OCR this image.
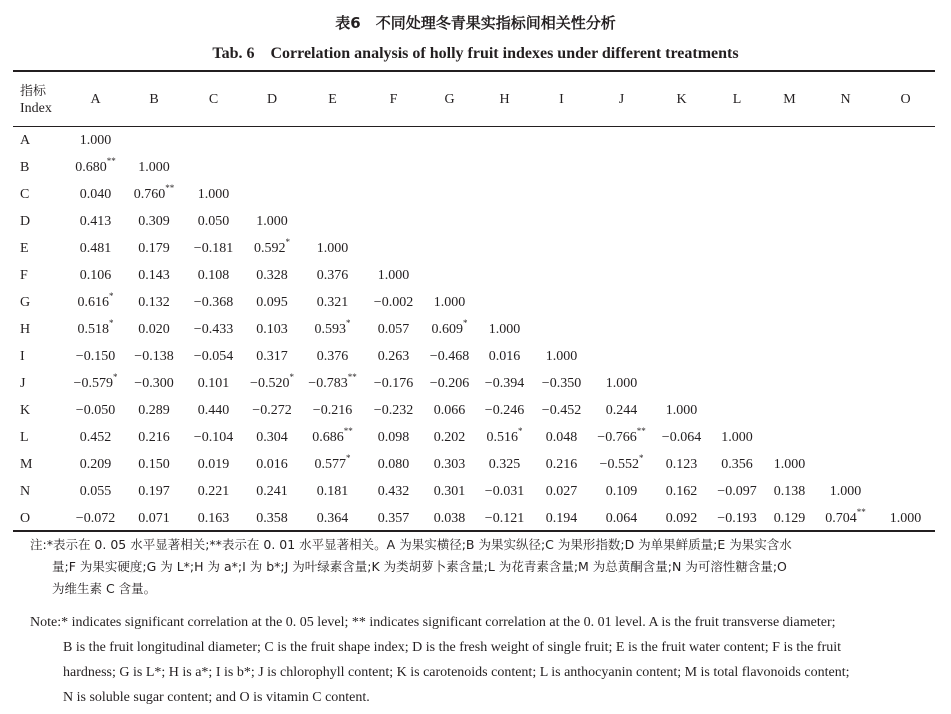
表6　不同处理冬青果实指标间相关性分析
Tab. 6　Correlation analysis of holly fruit indexes under different treatments
指标
Index	A	B	C	D	E	F	G	H	I	J	K	L	M	N	O
A	1.000														
B	0.680**	1.000													
C	0.040	0.760**	1.000												
D	0.413	0.309	0.050	1.000											
E	0.481	0.179	−0.181	0.592*	1.000										
F	0.106	0.143	0.108	0.328	0.376	1.000									
G	0.616*	0.132	−0.368	0.095	0.321	−0.002	1.000								
H	0.518*	0.020	−0.433	0.103	0.593*	0.057	0.609*	1.000							
I	−0.150	−0.138	−0.054	0.317	0.376	0.263	−0.468	0.016	1.000						
J	−0.579*	−0.300	0.101	−0.520*	−0.783**	−0.176	−0.206	−0.394	−0.350	1.000					
K	−0.050	0.289	0.440	−0.272	−0.216	−0.232	0.066	−0.246	−0.452	0.244	1.000				
L	0.452	0.216	−0.104	0.304	0.686**	0.098	0.202	0.516*	0.048	−0.766**	−0.064	1.000			
M	0.209	0.150	0.019	0.016	0.577*	0.080	0.303	0.325	0.216	−0.552*	0.123	0.356	1.000		
N	0.055	0.197	0.221	0.241	0.181	0.432	0.301	−0.031	0.027	0.109	0.162	−0.097	0.138	1.000	
O	−0.072	0.071	0.163	0.358	0.364	0.357	0.038	−0.121	0.194	0.064	0.092	−0.193	0.129	0.704**	1.000
注:*表示在 0. 05 水平显著相关;**表示在 0. 01 水平显著相关。A 为果实横径;B 为果实纵径;C 为果形指数;D 为单果鲜质量;E 为果实含水
量;F 为果实硬度;G 为 L*;H 为 a*;I 为 b*;J 为叶绿素含量;K 为类胡萝卜素含量;L 为花青素含量;M 为总黄酮含量;N 为可溶性糖含量;O
为维生素 C 含量。
Note:* indicates significant correlation at the 0. 05 level; ** indicates significant correlation at the 0. 01 level. A is the fruit transverse diameter;
B is the fruit longitudinal diameter; C is the fruit shape index; D is the fresh weight of single fruit; E is the fruit water content; F is the fruit
hardness; G is L*; H is a*; I is b*; J is chlorophyll content; K is carotenoids content; L is anthocyanin content; M is total flavonoids content;
N is soluble sugar content; and O is vitamin C content.
